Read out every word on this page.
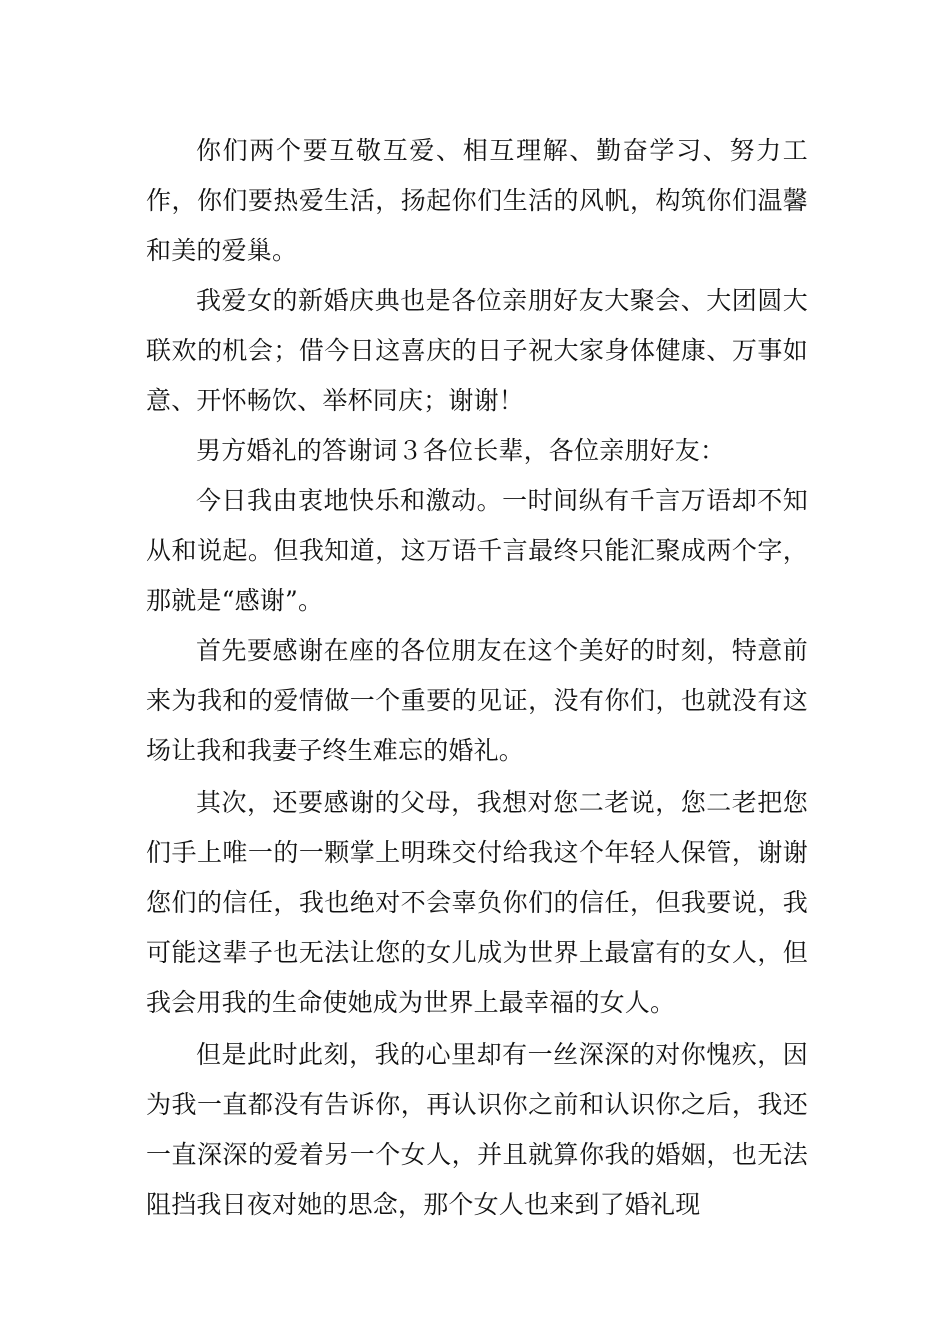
你们两个要互敬互爱、相互理解、勤奋学习、努力工作，你们要热爱生活，扬起你们生活的风帆，构筑你们温馨和美的爱巢。

我爱女的新婚庆典也是各位亲朋好友大聚会、大团圆大联欢的机会；借今日这喜庆的日子祝大家身体健康、万事如意、开怀畅饮、举杯同庆；谢谢！

男方婚礼的答谢词３各位长辈，各位亲朋好友：

今日我由衷地快乐和激动。一时间纵有千言万语却不知从和说起。但我知道，这万语千言最终只能汇聚成两个字，那就是“感谢”。

首先要感谢在座的各位朋友在这个美好的时刻，特意前来为我和的爱情做一个重要的见证，没有你们，也就没有这场让我和我妻子终生难忘的婚礼。

其次，还要感谢的父母，我想对您二老说，您二老把您们手上唯一的一颗掌上明珠交付给我这个年轻人保管，谢谢您们的信任，我也绝对不会辜负你们的信任，但我要说，我可能这辈子也无法让您的女儿成为世界上最富有的女人，但我会用我的生命使她成为世界上最幸福的女人。

但是此时此刻，我的心里却有一丝深深的对你愧疚，因为我一直都没有告诉你，再认识你之前和认识你之后，我还一直深深的爱着另一个女人，并且就算你我的婚姻，也无法阻挡我日夜对她的思念，那个女人也来到了婚礼现
